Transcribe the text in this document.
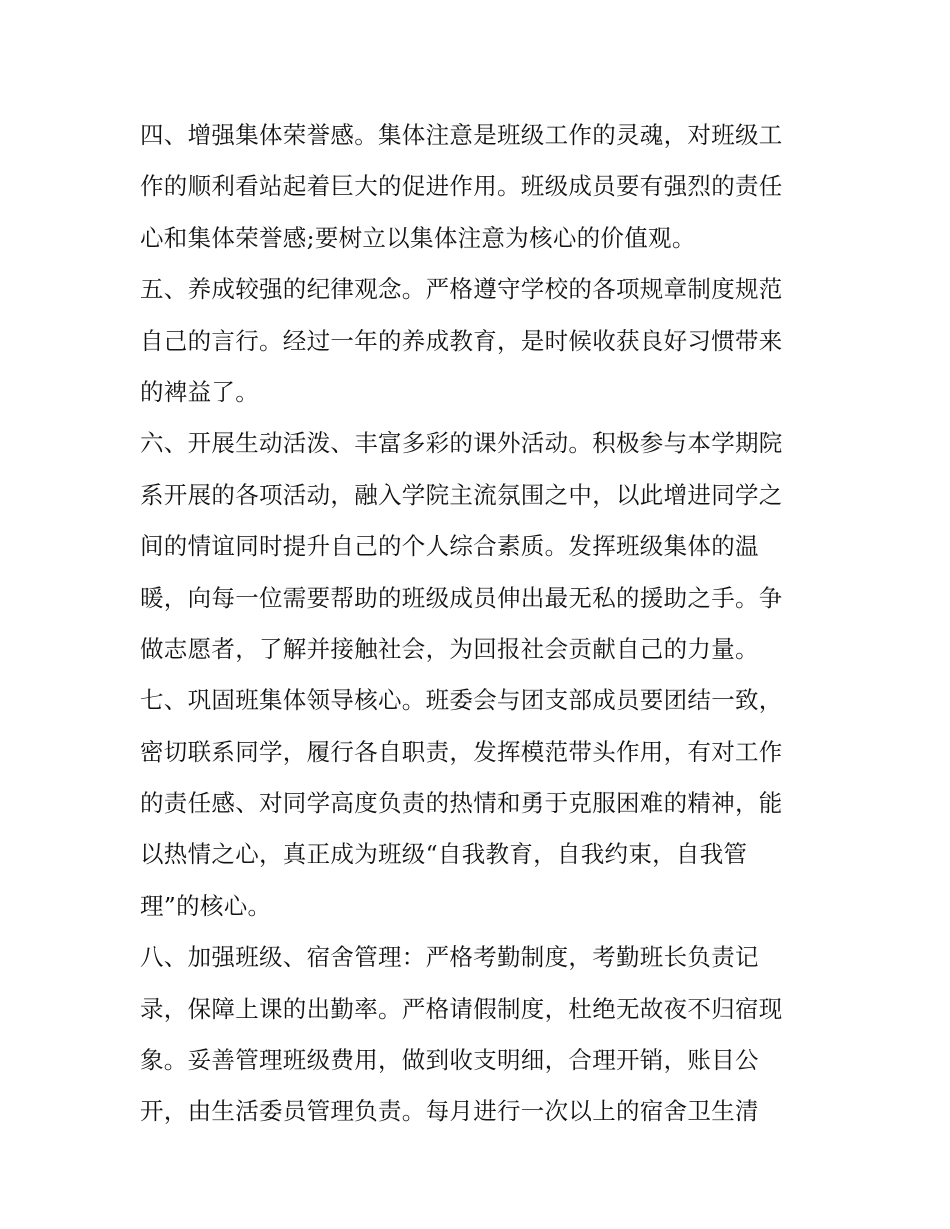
四、增强集体荣誉感。集体注意是班级工作的灵魂，对班级工
作的顺利看站起着巨大的促进作用。班级成员要有强烈的责任
心和集体荣誉感;要树立以集体注意为核心的价值观。
五、养成较强的纪律观念。严格遵守学校的各项规章制度规范
自己的言行。经过一年的养成教育，是时候收获良好习惯带来
的裨益了。
六、开展生动活泼、丰富多彩的课外活动。积极参与本学期院
系开展的各项活动，融入学院主流氛围之中，以此增进同学之
间的情谊同时提升自己的个人综合素质。发挥班级集体的温
暖，向每一位需要帮助的班级成员伸出最无私的援助之手。争
做志愿者，了解并接触社会，为回报社会贡献自己的力量。
七、巩固班集体领导核心。班委会与团支部成员要团结一致，
密切联系同学，履行各自职责，发挥模范带头作用，有对工作
的责任感、对同学高度负责的热情和勇于克服困难的精神，能
以热情之心，真正成为班级“自我教育，自我约束，自我管
理”的核心。
八、加强班级、宿舍管理：严格考勤制度，考勤班长负责记
录，保障上课的出勤率。严格请假制度，杜绝无故夜不归宿现
象。妥善管理班级费用，做到收支明细，合理开销，账目公
开，由生活委员管理负责。每月进行一次以上的宿舍卫生清
